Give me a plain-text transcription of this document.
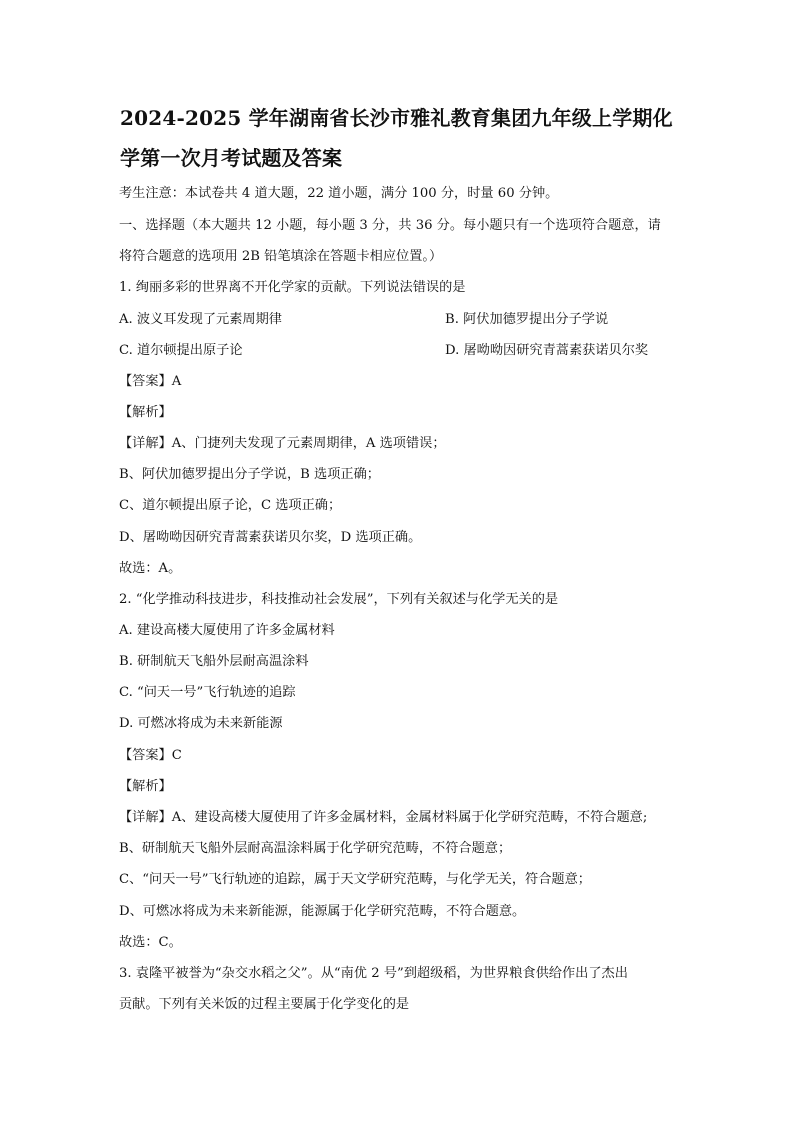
2024-2025 学年湖南省长沙市雅礼教育集团九年级上学期化
学第一次月考试题及答案
考生注意：本试卷共 4 道大题，22 道小题，满分 100 分，时量 60 分钟。
一、选择题（本大题共 12 小题，每小题 3 分，共 36 分。每小题只有一个选项符合题意，请
将符合题意的选项用 2B 铅笔填涂在答题卡相应位置。）
1. 绚丽多彩的世界离不开化学家的贡献。下列说法错误的是
A. 波义耳发现了元素周期律	B. 阿伏加德罗提出分子学说
C. 道尔顿提出原子论	D. 屠呦呦因研究青蒿素获诺贝尔奖
【答案】A
【解析】
【详解】A、门捷列夫发现了元素周期律，A 选项错误；
B、阿伏加德罗提出分子学说，B 选项正确；
C、道尔顿提出原子论，C 选项正确；
D、屠呦呦因研究青蒿素获诺贝尔奖，D 选项正确。
故选：A。
2. “化学推动科技进步，科技推动社会发展”，下列有关叙述与化学无关的是
A. 建设高楼大厦使用了许多金属材料
B. 研制航天飞船外层耐高温涂料
C. “问天一号”飞行轨迹的追踪
D. 可燃冰将成为未来新能源
【答案】C
【解析】
【详解】A、建设高楼大厦使用了许多金属材料，金属材料属于化学研究范畴，不符合题意;
B、研制航天飞船外层耐高温涂料属于化学研究范畴，不符合题意；
C、“问天一号”飞行轨迹的追踪，属于天文学研究范畴，与化学无关，符合题意；
D、可燃冰将成为未来新能源，能源属于化学研究范畴，不符合题意。
故选：C。
3. 袁隆平被誉为“杂交水稻之父”。从“南优 2 号”到超级稻，为世界粮食供给作出了杰出
贡献。下列有关米饭的过程主要属于化学变化的是
